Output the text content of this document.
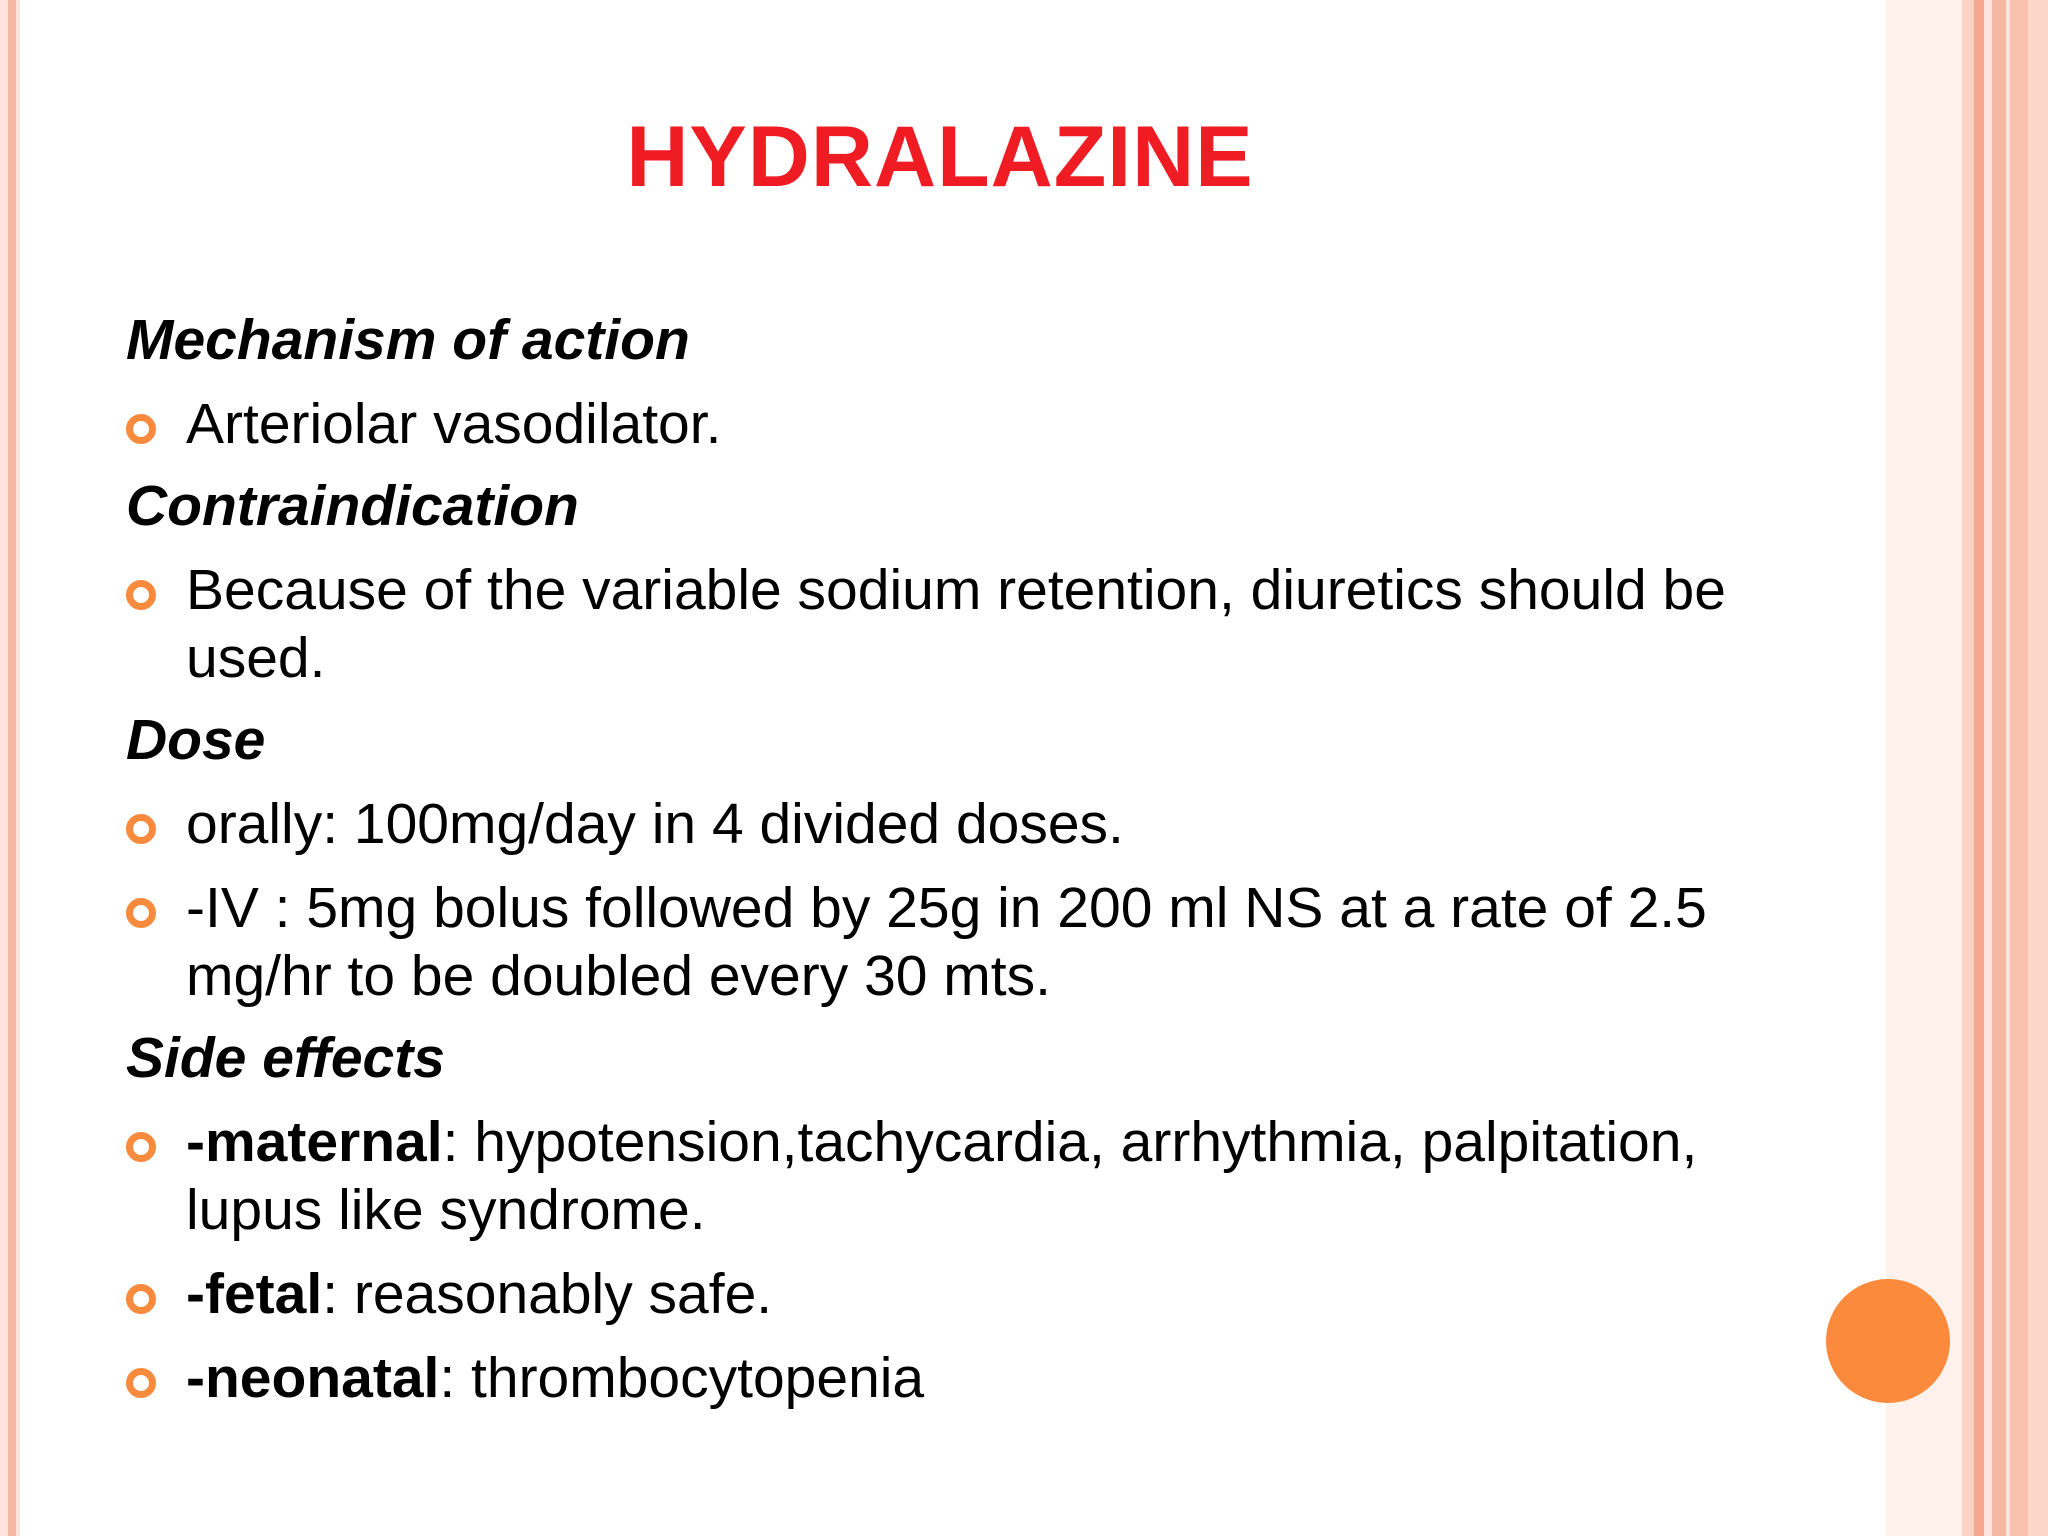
HYDRALAZINE
Mechanism of action
Arteriolar vasodilator.
Contraindication
Because of the variable sodium retention, diuretics should be used.
Dose
orally: 100mg/day in 4 divided doses.
-IV : 5mg bolus followed by 25g in 200 ml NS at a rate of 2.5 mg/hr to be doubled every 30 mts.
Side effects
-maternal: hypotension,tachycardia, arrhythmia, palpitation, lupus like syndrome.
-fetal: reasonably safe.
-neonatal: thrombocytopenia
